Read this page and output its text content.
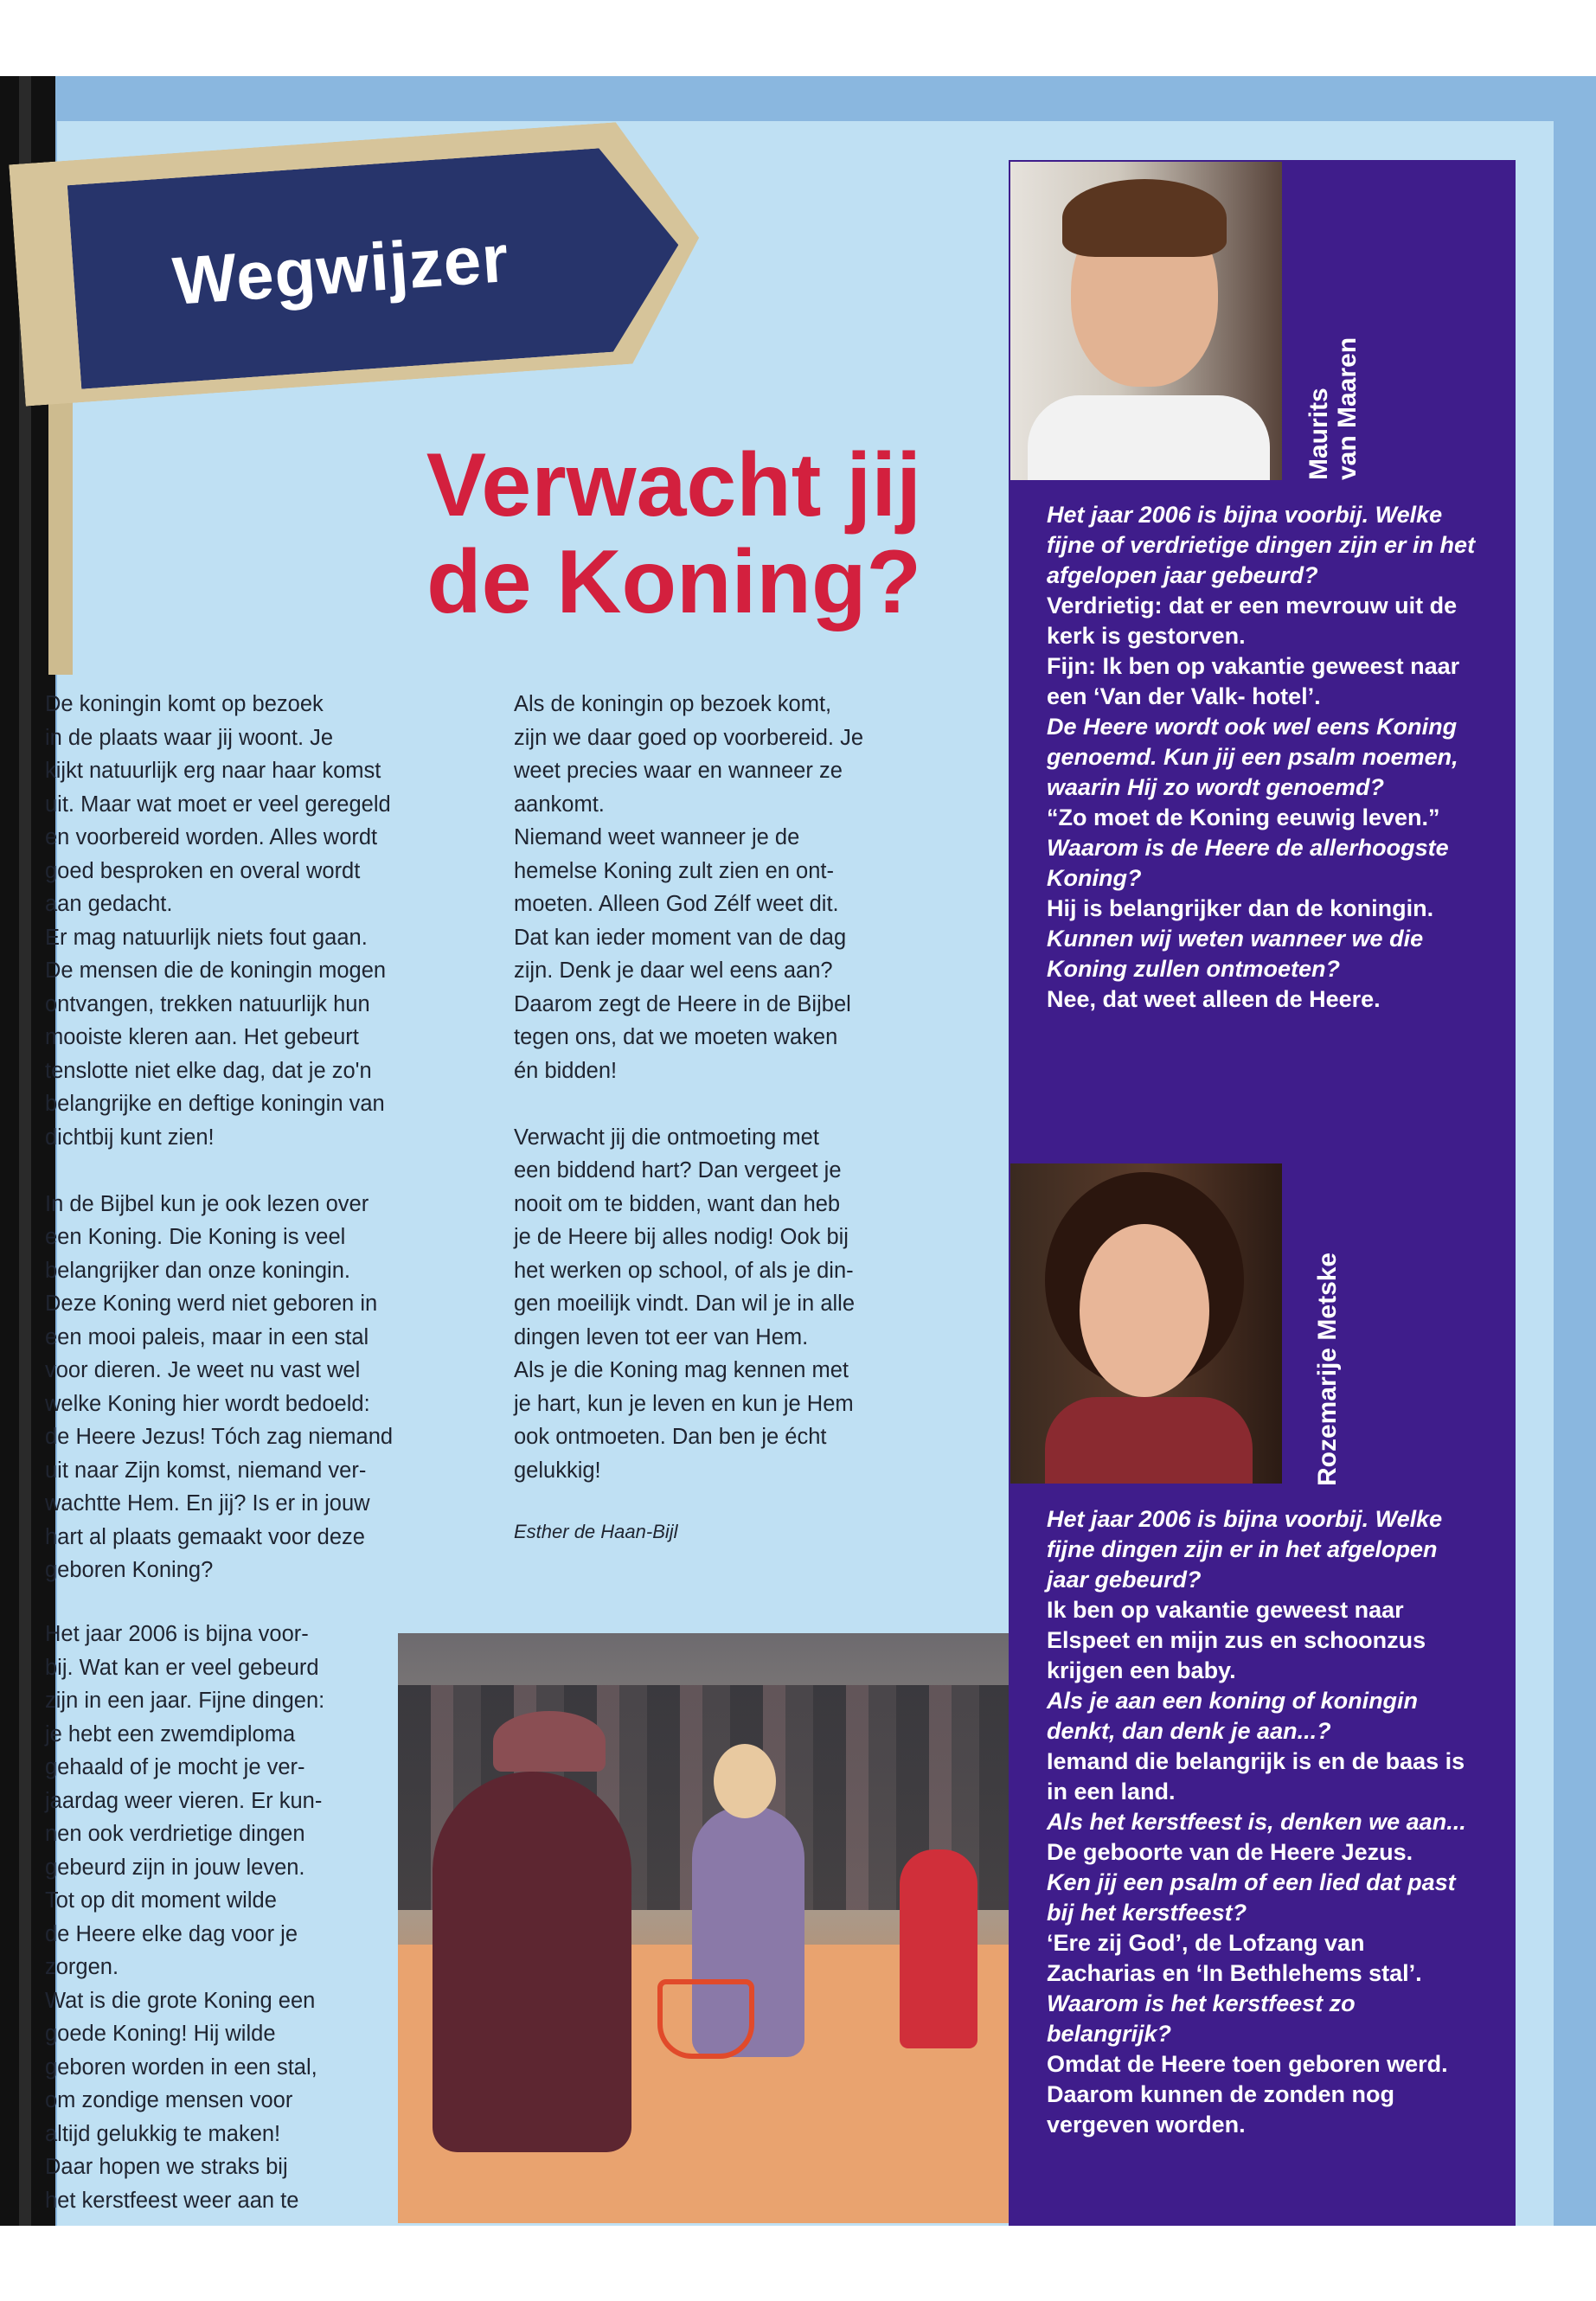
Wegwijzer
Verwacht jij
de Koning?
De koningin komt op bezoek
in de plaats waar jij woont. Je
kijkt natuurlijk erg naar haar komst
uit. Maar wat moet er veel geregeld
en voorbereid worden. Alles wordt
goed besproken en overal wordt
aan gedacht.
Er mag natuurlijk niets fout gaan.
De mensen die de koningin mogen
ontvangen, trekken natuurlijk hun
mooiste kleren aan. Het gebeurt
tenslotte niet elke dag, dat je zo'n
belangrijke en deftige koningin van
dichtbij kunt zien!

In de Bijbel kun je ook lezen over
een Koning. Die Koning is veel
belangrijker dan onze koningin.
Deze Koning werd niet geboren in
een mooi paleis, maar in een stal
voor dieren. Je weet nu vast wel
welke Koning hier wordt bedoeld:
de Heere Jezus! Tóch zag niemand
uit naar Zijn komst, niemand ver-
wachtte Hem. En jij? Is er in jouw
hart al plaats gemaakt voor deze
geboren Koning?
Als de koningin op bezoek komt,
zijn we daar goed op voorbereid. Je
weet precies waar en wanneer ze
aankomt.
Niemand weet wanneer je de
hemelse Koning zult zien en ont-
moeten. Alleen God Zélf weet dit.
Dat kan ieder moment van de dag
zijn. Denk je daar wel eens aan?
Daarom zegt de Heere in de Bijbel
tegen ons, dat we moeten waken
én bidden!

Verwacht jij die ontmoeting met
een biddend hart? Dan vergeet je
nooit om te bidden, want dan heb
je de Heere bij alles nodig! Ook bij
het werken op school, of als je din-
gen moeilijk vindt. Dan wil je in alle
dingen leven tot eer van Hem.
Als je die Koning mag kennen met
je hart, kun je leven en kun je Hem
ook ontmoeten. Dan ben je écht
gelukkig!
Esther de Haan-Bijl
Het jaar 2006 is bijna voor-
bij. Wat kan er veel gebeurd
zijn in een jaar. Fijne dingen:
je hebt een zwemdiploma
gehaald of je mocht je ver-
jaardag weer vieren. Er kun-
nen ook verdrietige dingen
gebeurd zijn in jouw leven.
Tot op dit moment wilde
de Heere elke dag voor je
zorgen.
Wat is die grote Koning een
goede Koning! Hij wilde
geboren worden in een stal,
om zondige mensen voor
altijd gelukkig te maken!
Daar hopen we straks bij
het kerstfeest weer aan te
Maurits
van Maaren
Het jaar 2006 is bijna voorbij. Welke fijne of verdrietige dingen zijn er in het afgelopen jaar gebeurd?
Verdrietig: dat er een mevrouw uit de kerk is gestorven.
Fijn: Ik ben op vakantie geweest naar een ‘Van der Valk- hotel’.
De Heere wordt ook wel eens Koning genoemd. Kun jij een psalm noemen, waarin Hij zo wordt genoemd?
“Zo moet de Koning eeuwig leven.”
Waarom is de Heere de allerhoogste Koning?
Hij is belangrijker dan de koningin.
Kunnen wij weten wanneer we die Koning zullen ontmoeten?
Nee, dat weet alleen de Heere.
Rozemarije Metske
Het jaar 2006 is bijna voorbij. Welke fijne dingen zijn er in het afgelopen jaar gebeurd?
Ik ben op vakantie geweest naar Elspeet en mijn zus en schoonzus krijgen een baby.
Als je aan een koning of koningin denkt, dan denk je aan...?
Iemand die belangrijk is en de baas is in een land.
Als het kerstfeest is, denken we aan...
De geboorte van de Heere Jezus.
Ken jij een psalm of een lied dat past bij het kerstfeest?
‘Ere zij God’, de Lofzang van Zacharias en ‘In Bethlehems stal’.
Waarom is het kerstfeest zo belangrijk?
Omdat de Heere toen geboren werd. Daarom kunnen de zonden nog vergeven worden.
